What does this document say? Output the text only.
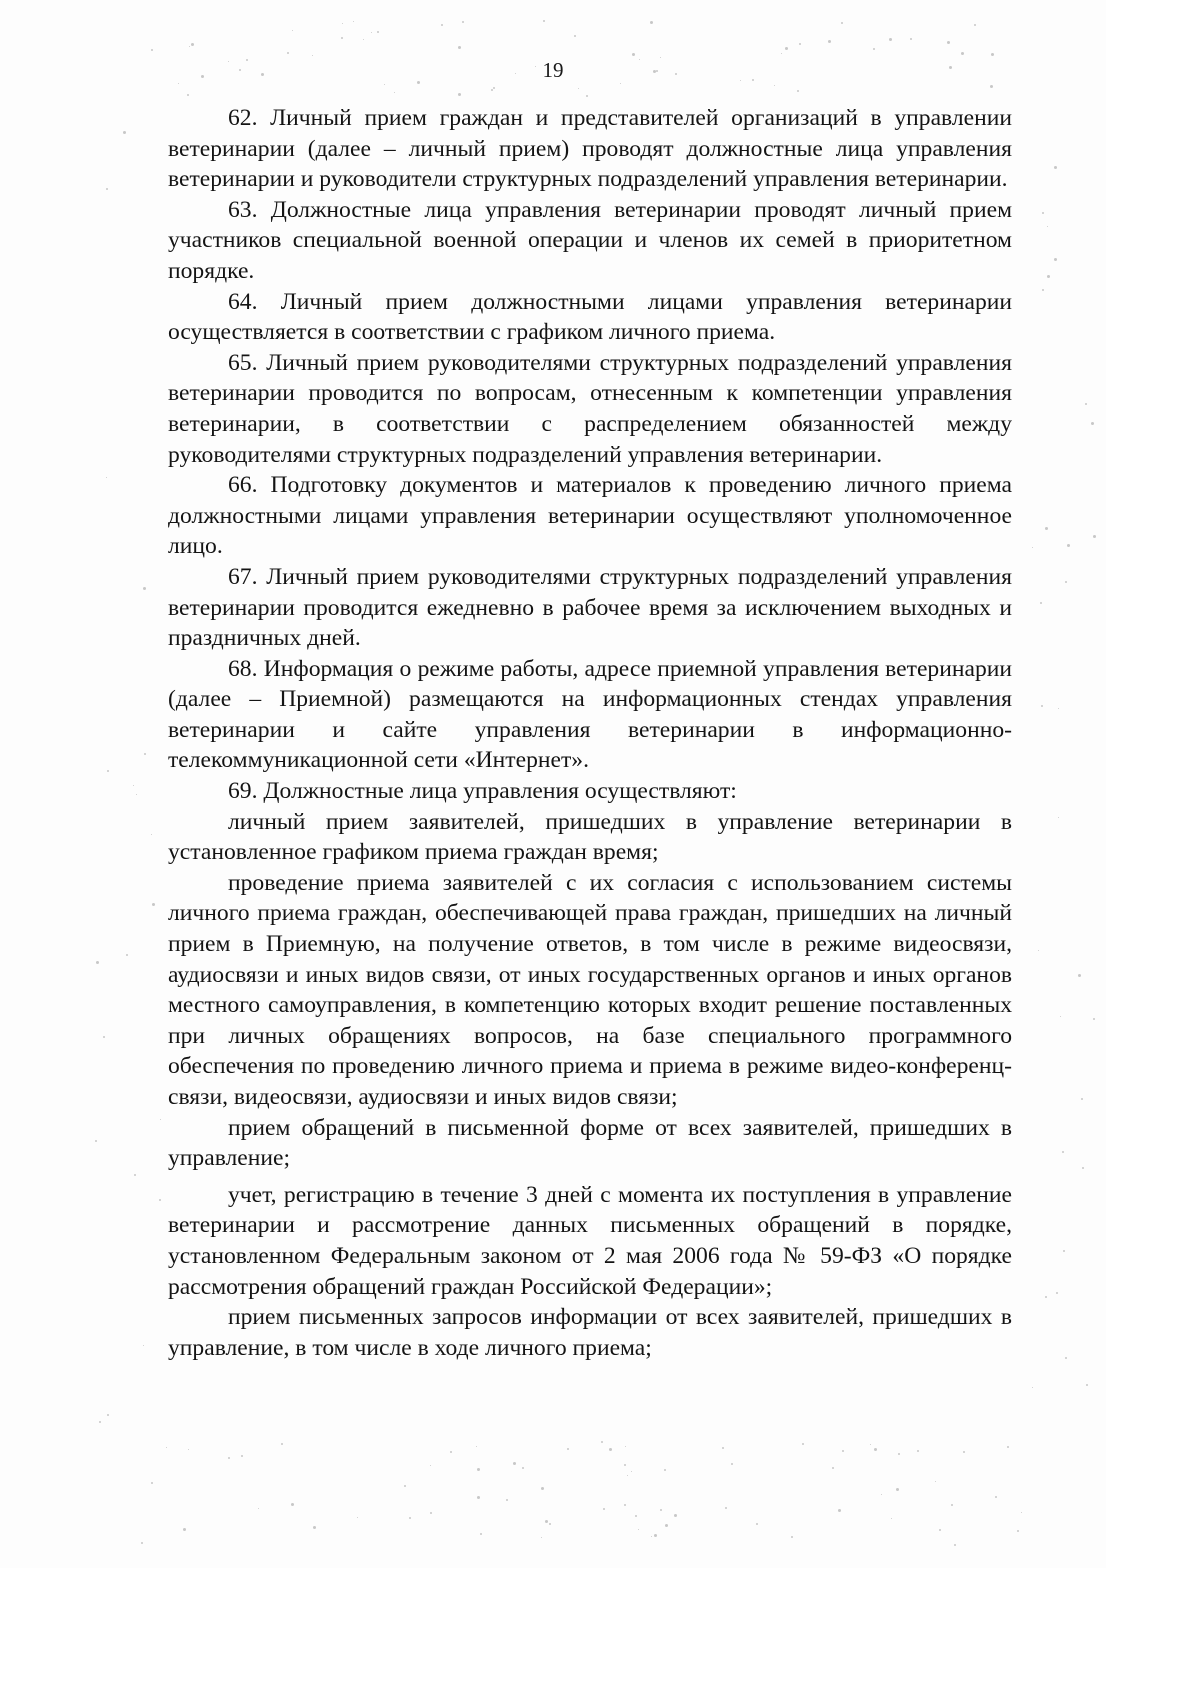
19

62. Личный прием граждан и представителей организаций в управлении ветеринарии (далее – личный прием) проводят должностные лица управления ветеринарии и руководители структурных подразделений управления ветеринарии.

63. Должностные лица управления ветеринарии проводят личный прием участников специальной военной операции и членов их семей в приоритетном порядке.

64. Личный прием должностными лицами управления ветеринарии осуществляется в соответствии с графиком личного приема.

65. Личный прием руководителями структурных подразделений управления ветеринарии проводится по вопросам, отнесенным к компетенции управления ветеринарии, в соответствии с распределением обязанностей между руководителями структурных подразделений управления ветеринарии.

66. Подготовку документов и материалов к проведению личного приема должностными лицами управления ветеринарии осуществляют уполномоченное лицо.

67. Личный прием руководителями структурных подразделений управления ветеринарии проводится ежедневно в рабочее время за исключением выходных и праздничных дней.

68. Информация о режиме работы, адресе приемной управления ветеринарии (далее – Приемной) размещаются на информационных стендах управления ветеринарии и сайте управления ветеринарии в информационно-телекоммуникационной сети «Интернет».

69. Должностные лица управления осуществляют:

личный прием заявителей, пришедших в управление ветеринарии в установленное графиком приема граждан время;

проведение приема заявителей с их согласия с использованием системы личного приема граждан, обеспечивающей права граждан, пришедших на личный прием в Приемную, на получение ответов, в том числе в режиме видеосвязи, аудиосвязи и иных видов связи, от иных государственных органов и иных органов местного самоуправления, в компетенцию которых входит решение поставленных при личных обращениях вопросов, на базе специального программного обеспечения по проведению личного приема и приема в режиме видео-конференц-связи, видеосвязи, аудиосвязи и иных видов связи;

прием обращений в письменной форме от всех заявителей, пришедших в управление;

учет, регистрацию в течение 3 дней с момента их поступления в управление ветеринарии и рассмотрение данных письменных обращений в порядке, установленном Федеральным законом от 2 мая 2006 года № 59-ФЗ «О порядке рассмотрения обращений граждан Российской Федерации»;

прием письменных запросов информации от всех заявителей, пришедших в управление, в том числе в ходе личного приема;
